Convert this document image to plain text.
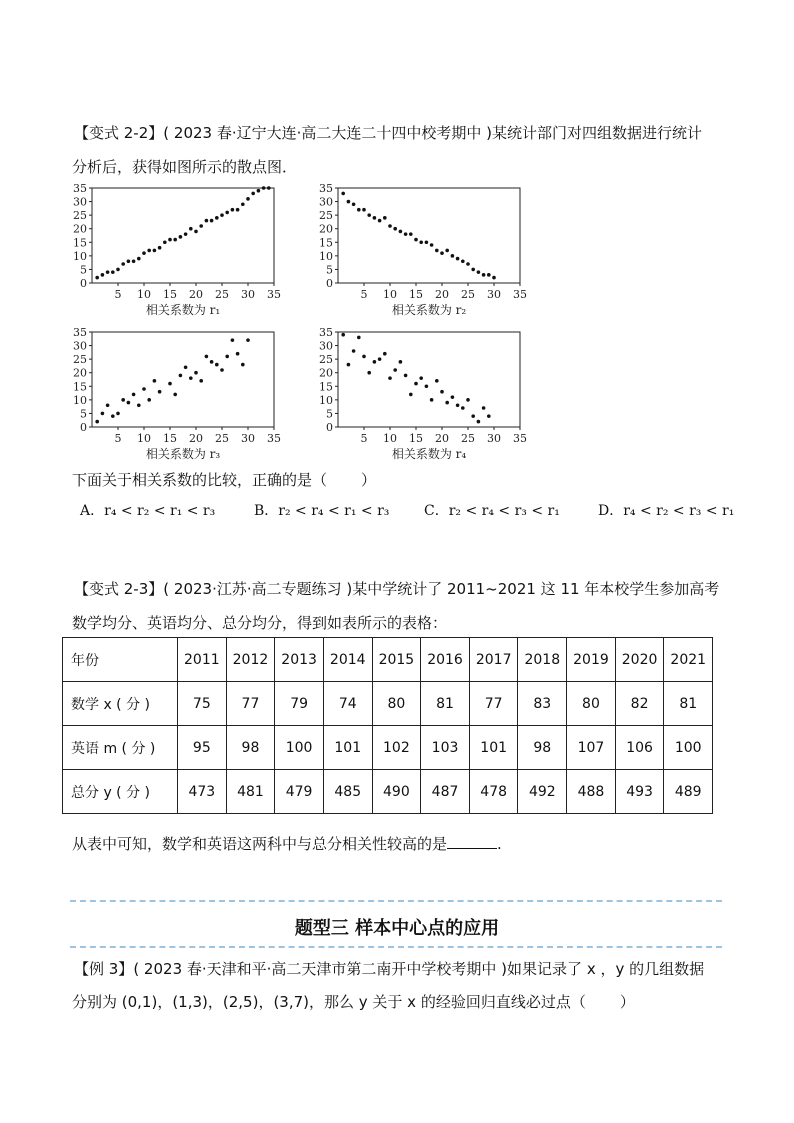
【变式 2-2】( 2023 春·辽宁大连·高二大连二十四中校考期中 )某统计部门对四组数据进行统计
分析后，获得如图所示的散点图．
0
5
10
15
20
25
30
35
5 10 15 20 25 30 35
相关系数为 r₁
0
5
10
15
20
25
30
35
5 10 15 20 25 30 35
相关系数为 r₂
0
5
10
15
20
25
30
35
5 10 15 20 25 30 35
相关系数为 r₃
0
5
10
15
20
25
30
35
5 10 15 20 25 30 35
相关系数为 r₄
下面关于相关系数的比较，正确的是（ ）
A．r₄ < r₂ < r₁ < r₃	B．r₂ < r₄ < r₁ < r₃ C．r₂ < r₄ < r₃ < r₁	D．r₄ < r₂ < r₃ < r₁
【变式 2-3】( 2023·江苏·高二专题练习 )某中学统计了 2011~2021 这 11 年本校学生参加高考
数学均分、英语均分、总分均分，得到如表所示的表格：
年份	2011	2012	2013	2014	2015	2016	2017	2018	2019	2020	2021
数学 x ( 分 )	75	77	79	74	80	81	77	83	80	82	81
英语 m ( 分 )	95	98	100	101	102	103	101	98	107	106	100
总分 y ( 分 )	473	481	479	485	490	487	478	492	488	493	489
从表中可知，数学和英语这两科中与总分相关性较高的是	.
题型三 样本中心点的应用
【例 3】( 2023 春·天津和平·高二天津市第二南开中学校考期中 )如果记录了 x ，y 的几组数据
分别为 (0,1)，(1,3)，(2,5)，(3,7)，那么 y 关于 x 的经验回归直线必过点（ ）
